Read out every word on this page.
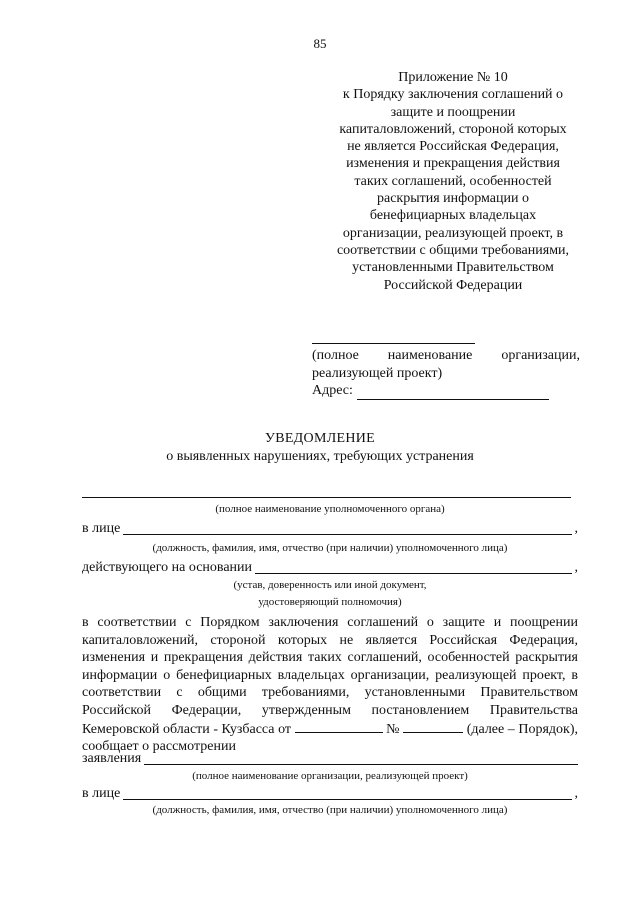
85
Приложение № 10
к Порядку заключения соглашений о
защите и поощрении
капиталовложений, стороной которых
не является Российская Федерация,
изменения и прекращения действия
таких соглашений, особенностей
раскрытия информации о
бенефициарных владельцах
организации, реализующей проект, в
соответствии с общими требованиями,
установленными Правительством
Российской Федерации
(полное наименование организации,
реализующей проект)
Адрес:
УВЕДОМЛЕНИЕ
о выявленных нарушениях, требующих устранения
(полное наименование уполномоченного органа)
в лице	,
(должность, фамилия, имя, отчество (при наличии) уполномоченного лица)
действующего на основании	,
(устав, доверенность или иной документ,
удостоверяющий полномочия)

в соответствии с Порядком заключения соглашений о защите и поощрении капиталовложений, стороной которых не является Российская Федерация, изменения и прекращения действия таких соглашений, особенностей раскрытия информации о бенефициарных владельцах организации, реализующей проект, в соответствии с общими требованиями, установленными Правительством Российской Федерации, утвержденным постановлением Правительства Кемеровской области - Кузбасса от	№	(далее – Порядок), сообщает о рассмотрении

заявления
(полное наименование организации, реализующей проект)
в лице	,
(должность, фамилия, имя, отчество (при наличии) уполномоченного лица)
